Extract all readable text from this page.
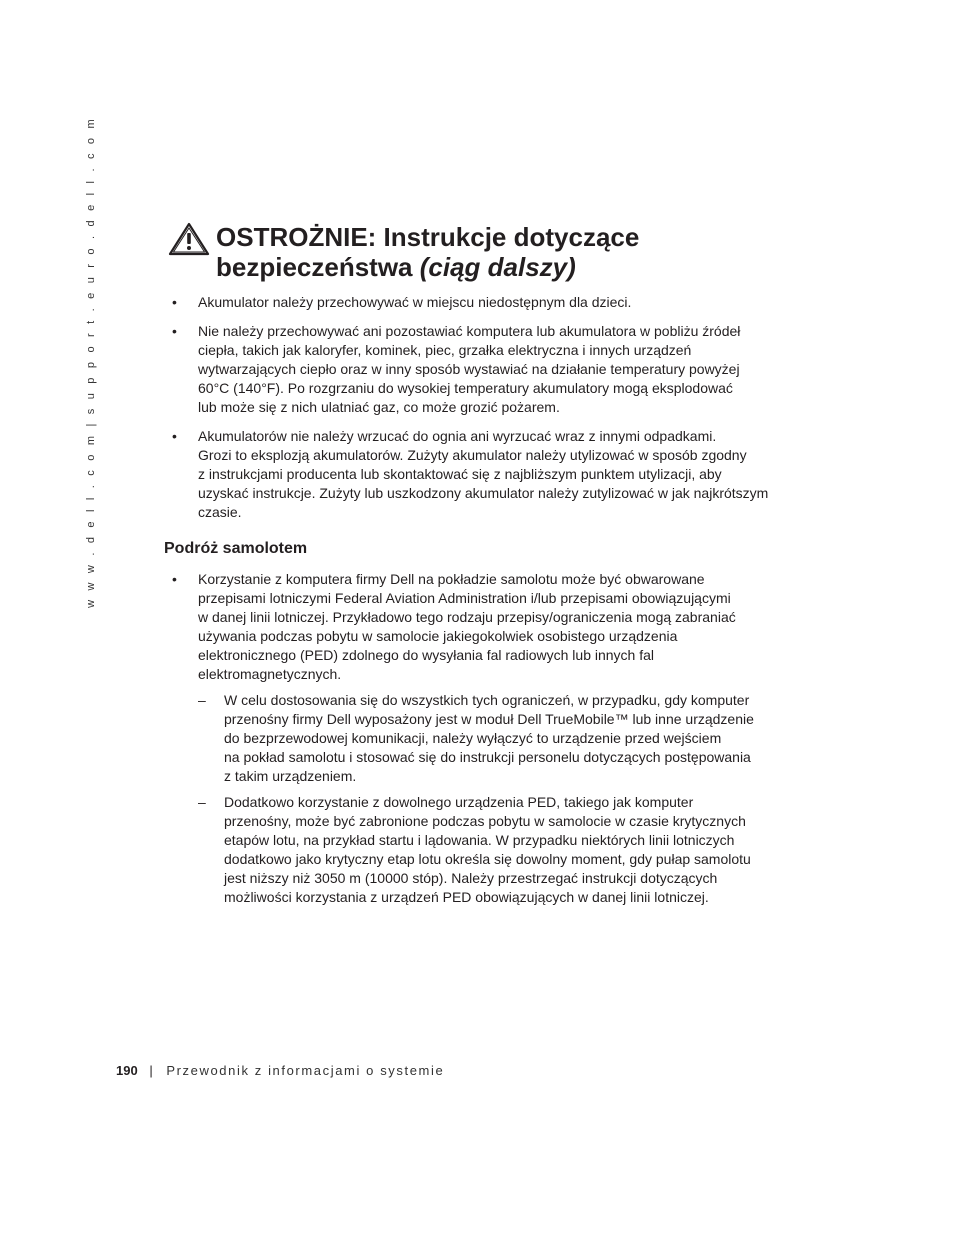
w w w . d e l l . c o m | s u p p o r t . e u r o . d e l l . c o m	OSTROŻNIE: Instrukcje dotyczące
bezpieczeństwa (ciąg dalszy)
• Akumulator należy przechowywać w miejscu niedostępnym dla dzieci.
• Nie należy przechowywać ani pozostawiać komputera lub akumulatora w pobliżu źródeł
ciepła, takich jak kaloryfer, kominek, piec, grzałka elektryczna i innych urządzeń
wytwarzających ciepło oraz w inny sposób wystawiać na działanie temperatury powyżej
60°C (140°F). Po rozgrzaniu do wysokiej temperatury akumulatory mogą eksplodować
lub może się z nich ulatniać gaz, co może grozić pożarem.
• Akumulatorów nie należy wrzucać do ognia ani wyrzucać wraz z innymi odpadkami.
Grozi to eksplozją akumulatorów. Zużyty akumulator należy utylizować w sposób zgodny
z instrukcjami producenta lub skontaktować się z najbliższym punktem utylizacji, aby
uzyskać instrukcje. Zużyty lub uszkodzony akumulator należy zutylizować w jak najkrótszym
czasie.
Podróż samolotem
• Korzystanie z komputera firmy Dell na pokładzie samolotu może być obwarowane
przepisami lotniczymi Federal Aviation Administration i/lub przepisami obowiązującymi
w danej linii lotniczej. Przykładowo tego rodzaju przepisy/ograniczenia mogą zabraniać
używania podczas pobytu w samolocie jakiegokolwiek osobistego urządzenia
elektronicznego (PED) zdolnego do wysyłania fal radiowych lub innych fal
elektromagnetycznych.
– W celu dostosowania się do wszystkich tych ograniczeń, w przypadku, gdy komputer
przenośny firmy Dell wyposażony jest w moduł Dell TrueMobile™ lub inne urządzenie
do bezprzewodowej komunikacji, należy wyłączyć to urządzenie przed wejściem
na pokład samolotu i stosować się do instrukcji personelu dotyczących postępowania
z takim urządzeniem.
– Dodatkowo korzystanie z dowolnego urządzenia PED, takiego jak komputer
przenośny, może być zabronione podczas pobytu w samolocie w czasie krytycznych
etapów lotu, na przykład startu i lądowania. W przypadku niektórych linii lotniczych
dodatkowo jako krytyczny etap lotu określa się dowolny moment, gdy pułap samolotu
jest niższy niż 3050 m (10000 stóp). Należy przestrzegać instrukcji dotyczących
możliwości korzystania z urządzeń PED obowiązujących w danej linii lotniczej.
190 | Przewodnik z informacjami o systemie
